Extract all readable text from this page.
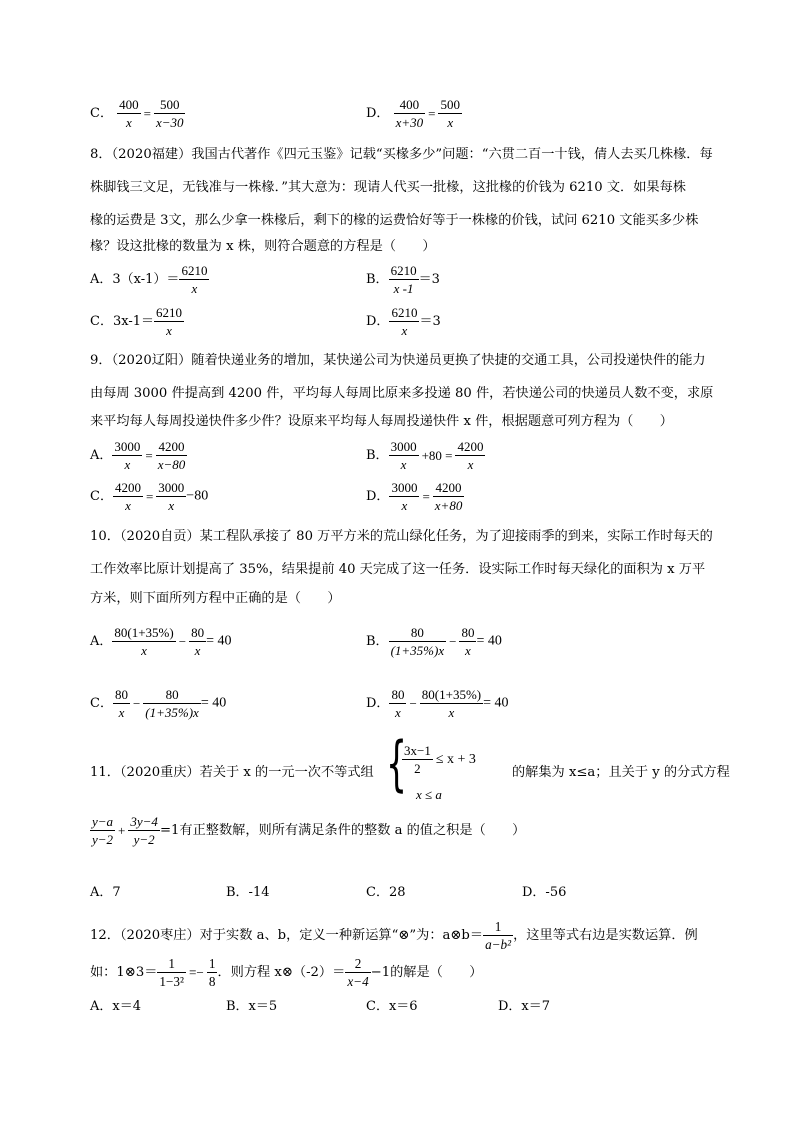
C． $\frac{400}{x} = \frac{500}{x-30}$	D． $\frac{400}{x+30} = \frac{500}{x}$
8．（2020福建）我国古代著作《四元玉鉴》记载“买椽多少”问题：“六贯二百一十钱，倩人去买几株椽．每
株脚钱三文足，无钱准与一株椽．”其大意为：现请人代买一批椽，这批椽的价钱为 6210 文．如果每株
椽的运费是 3文，那么少拿一株椽后，剩下的椽的运费恰好等于一株椽的价钱，试问 6210 文能买多少株
椽？设这批椽的数量为 x 株，则符合题意的方程是（　　）
A．$3(x-1)= \frac{6210}{x}$	B． $\frac{6210}{x -1} =3$
C．$3x-1= \frac{6210}{x}$	D． $\frac{6210}{x} =3$
9．（2020辽阳）随着快递业务的增加，某快递公司为快递员更换了快捷的交通工具，公司投递快件的能力
由每周 3000 件提高到 4200 件，平均每人每周比原来多投递 80 件，若快递公司的快递员人数不变，求原
来平均每人每周投递快件多少件？设原来平均每人每周投递快件 x 件，根据题意可列方程为（　　）
A． $\frac{3000}{x} = \frac{4200}{x-80}$	B． $\frac{3000}{x} +80 = \frac{4200}{x}$
C． $\frac{4200}{x} = \frac{3000}{x} -80$	D． $\frac{3000}{x} = \frac{4200}{x+80}$
10．（2020自贡）某工程队承接了 80 万平方米的荒山绿化任务，为了迎接雨季的到来，实际工作时每天的
工作效率比原计划提高了 35%，结果提前 40 天完成了这一任务．设实际工作时每天绿化的面积为 x 万平
方米，则下面所列方程中正确的是（　　）
A． $\frac{80(1+35\%)}{x} - \frac{80}{x} = 40$	B． $\frac{80}{(1+35\%)x} - \frac{80}{x} = 40$
C． $\frac{80}{x} - \frac{80}{(1+35\%)x} = 40$	D． $\frac{80}{x} - \frac{80(1+35\%)}{x} = 40$
11．（2020重庆）若关于 x 的一元一次不等式组 {
$\frac{3x-1}{2} \le x + 3$
x ≤ a
的解集为 x≤a；且关于 y 的分式方程
$\frac{y-a}{y-2} + \frac{3y-4}{y-2} =1$有正整数解，则所有满足条件的整数 a 的值之积是（　　）
A．7	B．-14	C．28	D．-56
12．（2020枣庄）对于实数 a、b，定义一种新运算“⊗”为：a⊗b＝ $\frac{1}{\text{a−b²}}$ ，这里等式右边是实数运算．例
如：1⊗3＝ $\frac{1}{\text{1−3²}} =- \frac{1}{8}$ ．则方程 x⊗（-2）＝ $\frac{2}{x-4} -1$的解是（　　）
A．x＝4	B．x＝5	C．x＝6	D．x＝7
